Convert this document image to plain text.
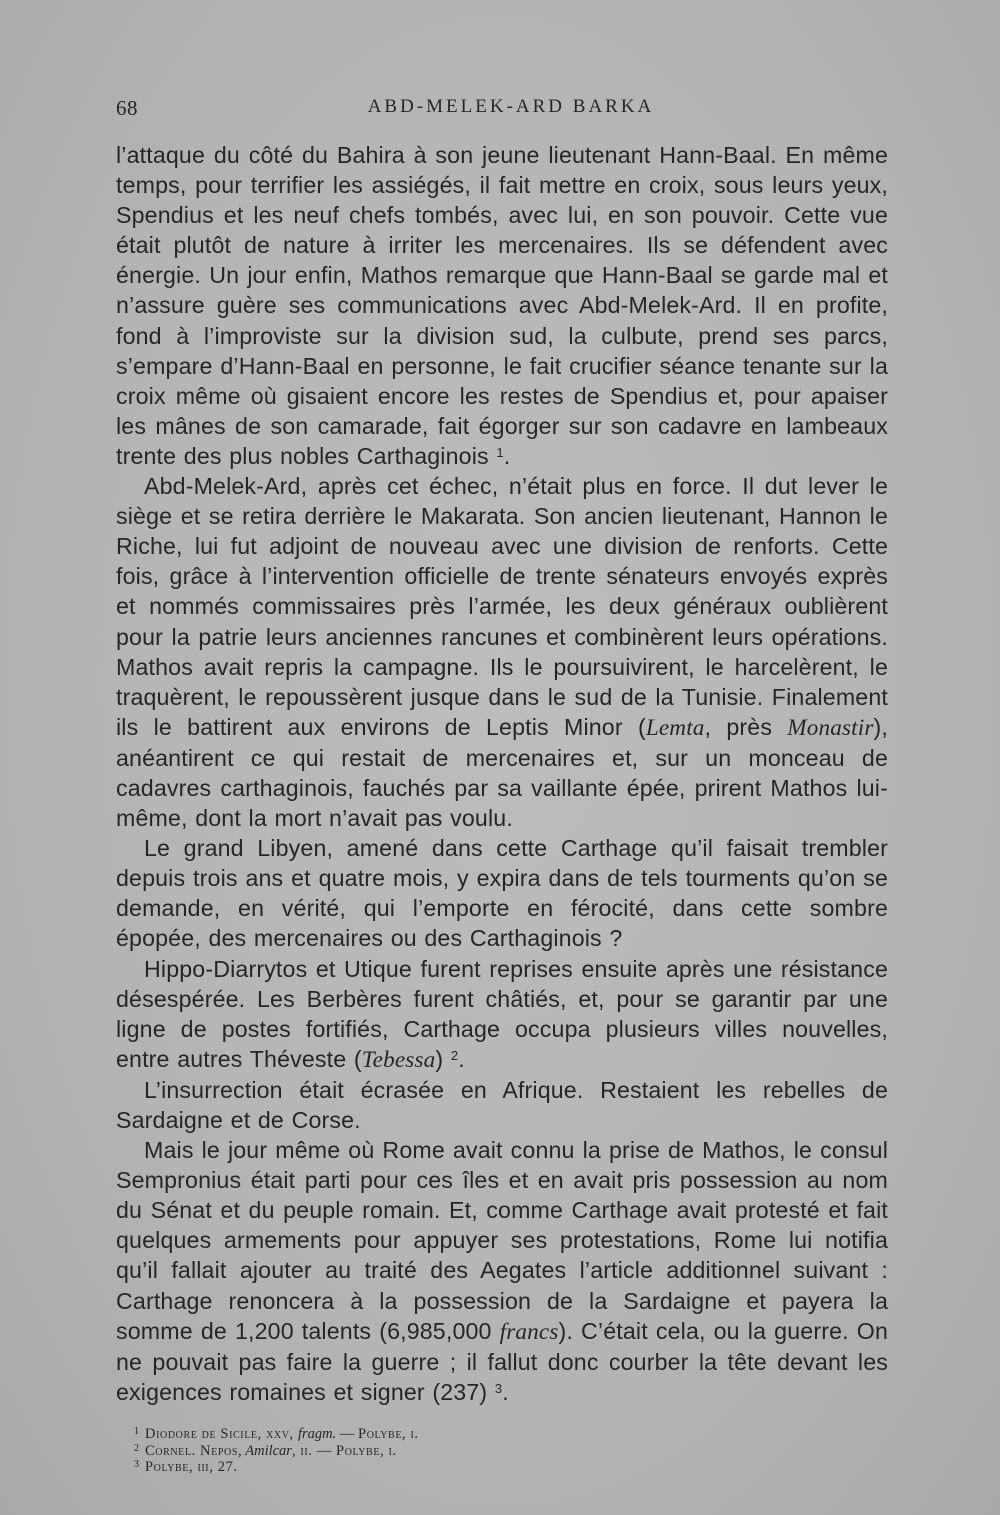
68	ABD-MELEK-ARD BARKA

l’attaque du côté du Bahira à son jeune lieutenant Hann-Baal. En même temps, pour terrifier les assiégés, il fait mettre en croix, sous leurs yeux, Spendius et les neuf chefs tombés, avec lui, en son pouvoir. Cette vue était plutôt de nature à irriter les mercenaires. Ils se défendent avec énergie. Un jour enfin, Mathos remarque que Hann-Baal se garde mal et n’assure guère ses communications avec Abd-Melek-Ard. Il en profite, fond à l’improviste sur la division sud, la culbute, prend ses parcs, s’empare d’Hann-Baal en personne, le fait crucifier séance tenante sur la croix même où gisaient encore les restes de Spendius et, pour apaiser les mânes de son camarade, fait égorger sur son cadavre en lambeaux trente des plus nobles Carthaginois $^1$.

Abd-Melek-Ard, après cet échec, n’était plus en force. Il dut lever le siège et se retira derrière le Makarata. Son ancien lieutenant, Hannon le Riche, lui fut adjoint de nouveau avec une division de renforts. Cette fois, grâce à l’intervention officielle de trente sénateurs envoyés exprès et nommés commissaires près l’armée, les deux généraux oublièrent pour la patrie leurs anciennes rancunes et combinèrent leurs opérations. Mathos avait repris la campagne. Ils le poursuivirent, le harcelèrent, le traquèrent, le repoussèrent jusque dans le sud de la Tunisie. Finalement ils le battirent aux environs de Leptis Minor (Lemta, près Monastir), anéantirent ce qui restait de mercenaires et, sur un monceau de cadavres carthaginois, fauchés par sa vaillante épée, prirent Mathos lui-même, dont la mort n’avait pas voulu.

Le grand Libyen, amené dans cette Carthage qu’il faisait trembler depuis trois ans et quatre mois, y expira dans de tels tourments qu’on se demande, en vérité, qui l’emporte en férocité, dans cette sombre épopée, des mercenaires ou des Carthaginois ?

Hippo-Diarrytos et Utique furent reprises ensuite après une résistance désespérée. Les Berbères furent châtiés, et, pour se garantir par une ligne de postes fortifiés, Carthage occupa plusieurs villes nouvelles, entre autres Théveste (Tebessa) $^2$.

L’insurrection était écrasée en Afrique. Restaient les rebelles de Sardaigne et de Corse.

Mais le jour même où Rome avait connu la prise de Mathos, le consul Sempronius était parti pour ces îles et en avait pris possession au nom du Sénat et du peuple romain. Et, comme Carthage avait protesté et fait quelques armements pour appuyer ses protestations, Rome lui notifia qu’il fallait ajouter au traité des Aegates l’article additionnel suivant : Carthage renoncera à la possession de la Sardaigne et payera la somme de 1,200 talents (6,985,000 francs). C’était cela, ou la guerre. On ne pouvait pas faire la guerre ; il fallut donc courber la tête devant les exigences romaines et signer (237) $^3$.

$^1$ Diodore de Sicile, xxv, fragm. — Polybe, i.

$^2$ Cornel. Nepos, Amilcar, ii. — Polybe, i.

$^3$ Polybe, iii, 27.
